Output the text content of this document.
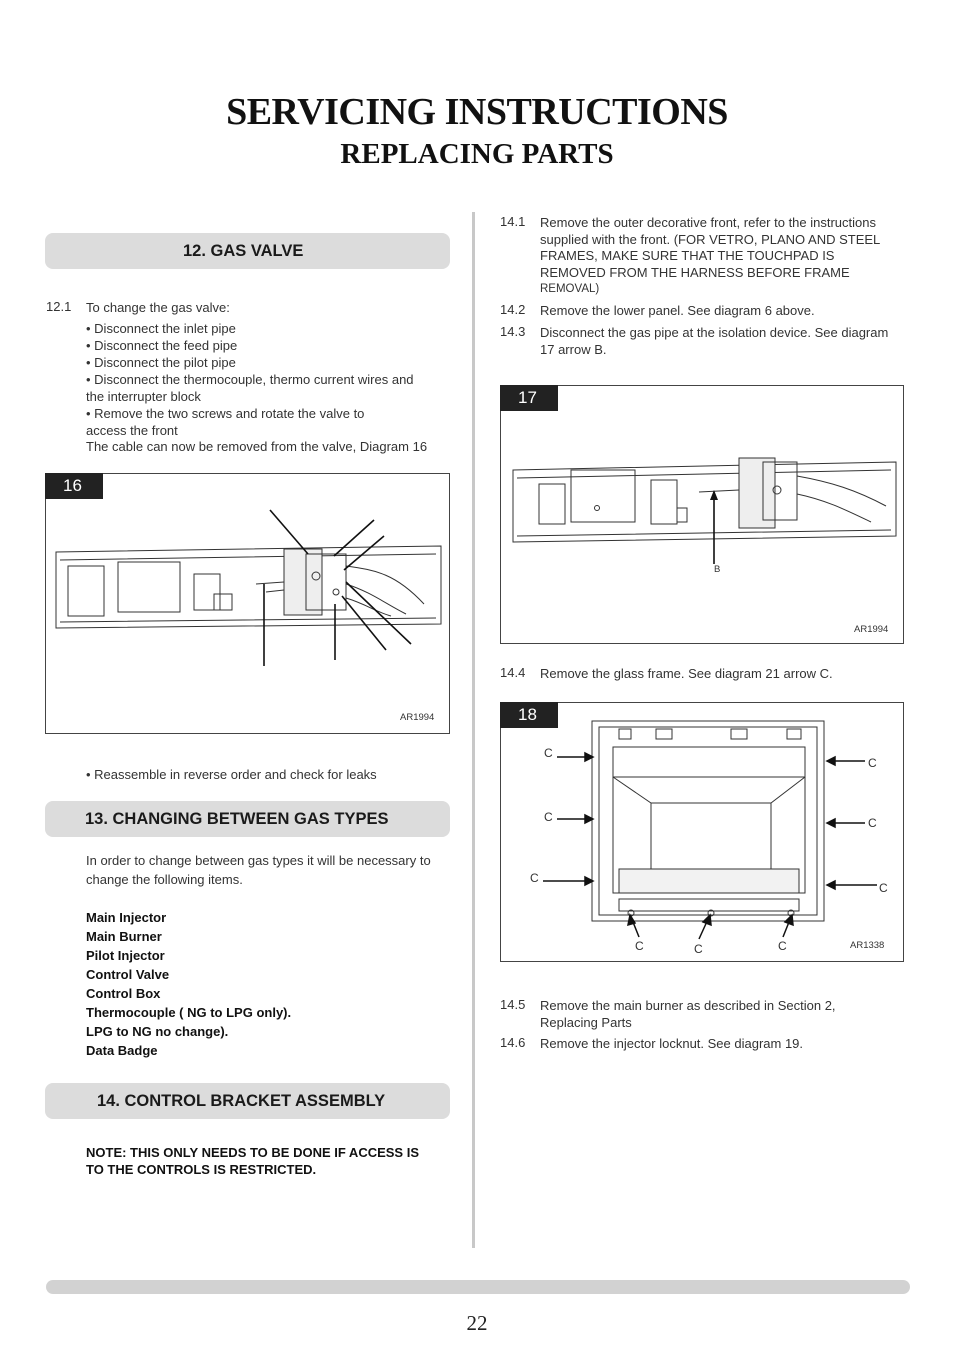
SERVICING INSTRUCTIONS
REPLACING PARTS
12. GAS VALVE
12.1 To change the gas valve:
• Disconnect the inlet pipe
• Disconnect the feed pipe
• Disconnect the pilot pipe
• Disconnect the thermocouple, thermo current wires and
the interrupter block
• Remove the two screws and rotate the valve to
access the front
The cable can now be removed from the valve, Diagram 16
16
AR1994
• Reassemble in reverse order and check for leaks
13. CHANGING BETWEEN GAS TYPES
In order to change between gas types it will be necessary to
change the following items.
Main Injector
Main Burner
Pilot Injector
Control Valve
Control Box
Thermocouple ( NG to LPG only).
LPG to NG no change).
Data Badge
14. CONTROL BRACKET ASSEMBLY
NOTE: THIS ONLY NEEDS TO BE DONE IF ACCESS IS
TO THE CONTROLS IS RESTRICTED.
14.1 Remove the outer decorative front, refer to the instructions
supplied with the front. (FOR VETRO, PLANO AND STEEL
FRAMES, MAKE SURE THAT THE TOUCHPAD IS
REMOVED FROM THE HARNESS BEFORE FRAME
REMOVAL)
14.2 Remove the lower panel. See diagram 6 above.
14.3 Disconnect the gas pipe at the isolation device. See diagram
17 arrow B.
17
B
AR1994
14.4 Remove the glass frame. See diagram 21 arrow C.
18
C
C
C
C
C
C
C	C	C	AR1338
14.5 Remove the main burner as described in Section 2,
Replacing Parts
14.6 Remove the injector locknut. See diagram 19.
22
